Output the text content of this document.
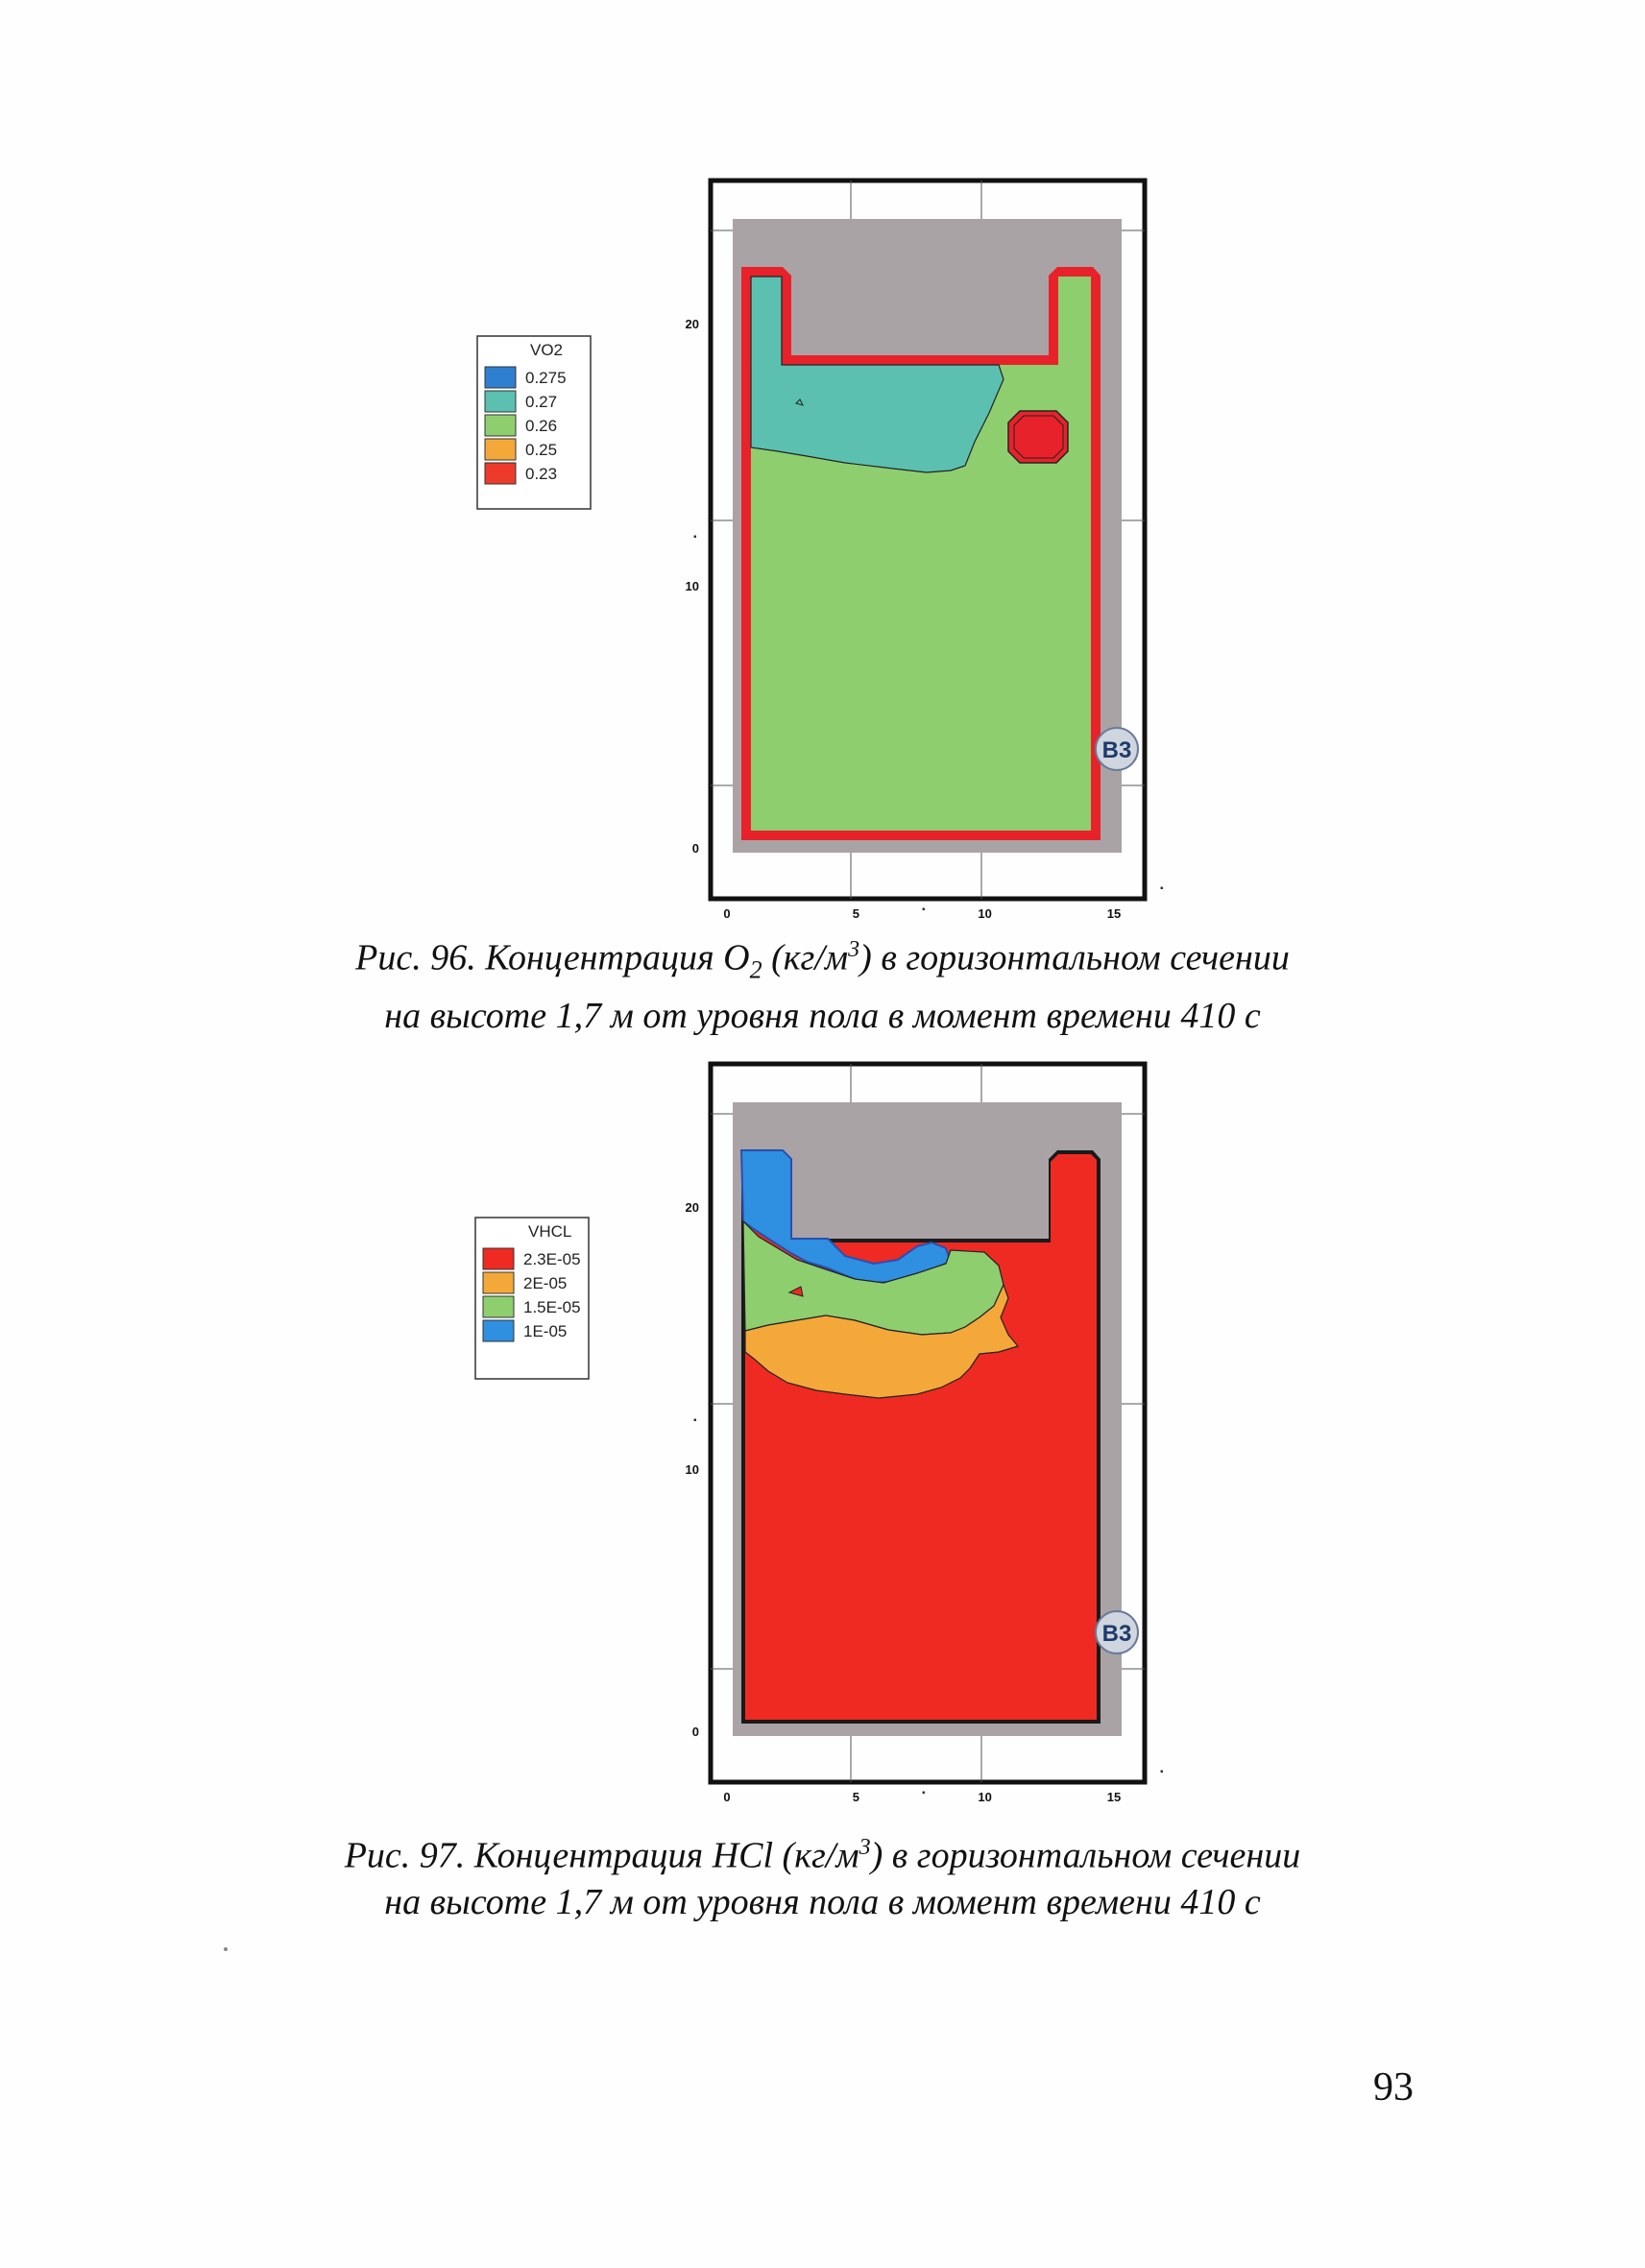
VO2
0.275
0.27
0.26
0.25
0.23
B3
0	5	10	15
0
10
20
▪
▪
▪
Рис. 96. Концентрация $O_2$ $(кг/м^3)$ в горизонтальном сечении
на высоте 1,7 м от уровня пола в момент времени 410 с
VHCL
2.3E-05
2E-05
1.5E-05
1E-05
B3
0	5	10	15
0
10
20
▪
▪
▪
Рис. 97. Концентрация HCl $(кг/м^3)$ в горизонтальном сечении
на высоте 1,7 м от уровня пола в момент времени 410 с
93
